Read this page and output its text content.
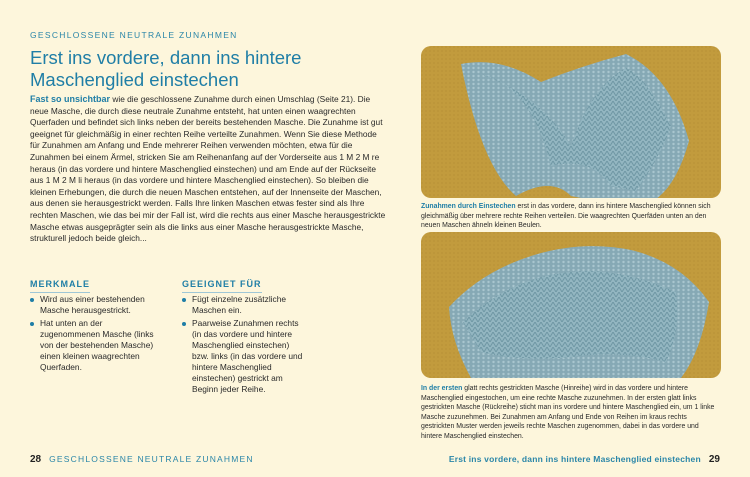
GESCHLOSSENE NEUTRALE ZUNAHMEN
Erst ins vordere, dann ins hintere
Maschenglied einstechen
Fast so unsichtbar wie die geschlossene Zunahme durch einen Umschlag (Seite 21). Die neue Masche, die durch diese neutrale Zunahme entsteht, hat unten einen waagrechten Querfaden und befindet sich links neben der bereits bestehenden Masche. Die Zunahme ist gut geeignet für gleichmäßig in einer rechten Reihe verteilte Zunahmen. Wenn Sie diese Methode für Zunahmen am Anfang und Ende mehrerer Reihen verwenden möchten, etwa für die Zunahmen bei einem Ärmel, stricken Sie am Reihenanfang auf der Vorderseite aus 1 M 2 M re heraus (in das vordere und hintere Maschenglied einstechen) und am Ende auf der Rückseite aus 1 M 2 M li heraus (in das vordere und hintere Maschenglied einstechen). So bleiben die kleinen Erhebungen, die durch die neuen Maschen entstehen, auf der Innenseite der Maschen, aus denen sie herausgestrickt werden. Falls Ihre linken Maschen etwas fester sind als Ihre rechten Maschen, wie das bei mir der Fall ist, wird die rechts aus einer Masche herausgestrickte Masche etwas ausgeprägter sein als die links aus einer Masche herausgestrickte Masche, strukturell jedoch beide gleich...
MERKMALE
Wird aus einer bestehenden Masche herausgestrickt.
Hat unten an der zugenommenen Masche (links von der bestehenden Masche) einen kleinen waagrechten Querfaden.
GEEIGNET FÜR
Fügt einzelne zusätzliche Maschen ein.
Paarweise Zunahmen rechts (in das vordere und hintere Maschenglied einstechen) bzw. links (in das vordere und hintere Maschenglied einstechen) gestrickt am Beginn jeder Reihe.
28 GESCHLOSSENE NEUTRALE ZUNAHMEN
Zunahmen durch Einstechen erst in das vordere, dann ins hintere Maschenglied können sich gleichmäßig über mehrere rechte Reihen verteilen. Die waagrechten Querfäden unten an den neuen Maschen ähneln kleinen Beulen.
In der ersten glatt rechts gestrickten Masche (Hinreihe) wird in das vordere und hintere Maschenglied eingestochen, um eine rechte Masche zuzunehmen. In der ersten glatt links gestrickten Masche (Rückreihe) sticht man ins vordere und hintere Maschenglied ein, um 1 linke Masche zuzunehmen. Bei Zunahmen am Anfang und Ende von Reihen im kraus rechts gestrickten Muster werden jeweils rechte Maschen zugenommen, dabei in das vordere und hintere Maschenglied einstechen.
Erst ins vordere, dann ins hintere Maschenglied einstechen 29
